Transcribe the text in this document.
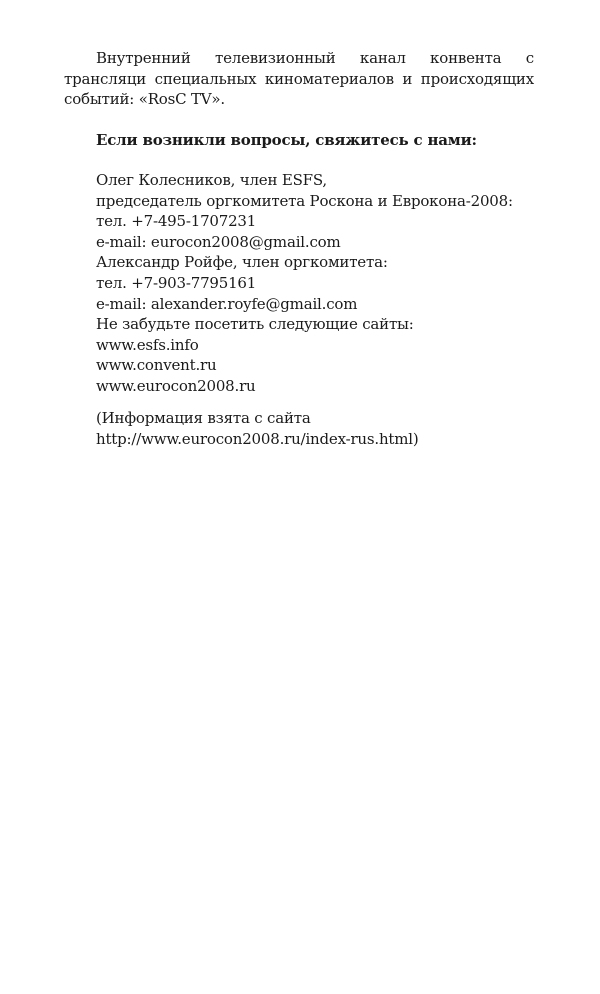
Внутренний телевизионный канал конвента с трансляци специальных киноматериалов и происходящих событий: «RosC TV».

Если возникли вопросы, свяжитесь с нами:

Олег Колесников, член ESFS,
председатель оргкомитета Роскона и Еврокона-2008:
тел. +7-495-1707231
e-mail: eurocon2008@gmail.com
Александр Ройфе, член оргкомитета:
тел. +7-903-7795161
e-mail: alexander.royfe@gmail.com
Не забудьте посетить следующие сайты:
www.esfs.info
www.convent.ru
www.eurocon2008.ru
(Информация взята с сайта
http://www.eurocon2008.ru/index-rus.html)
